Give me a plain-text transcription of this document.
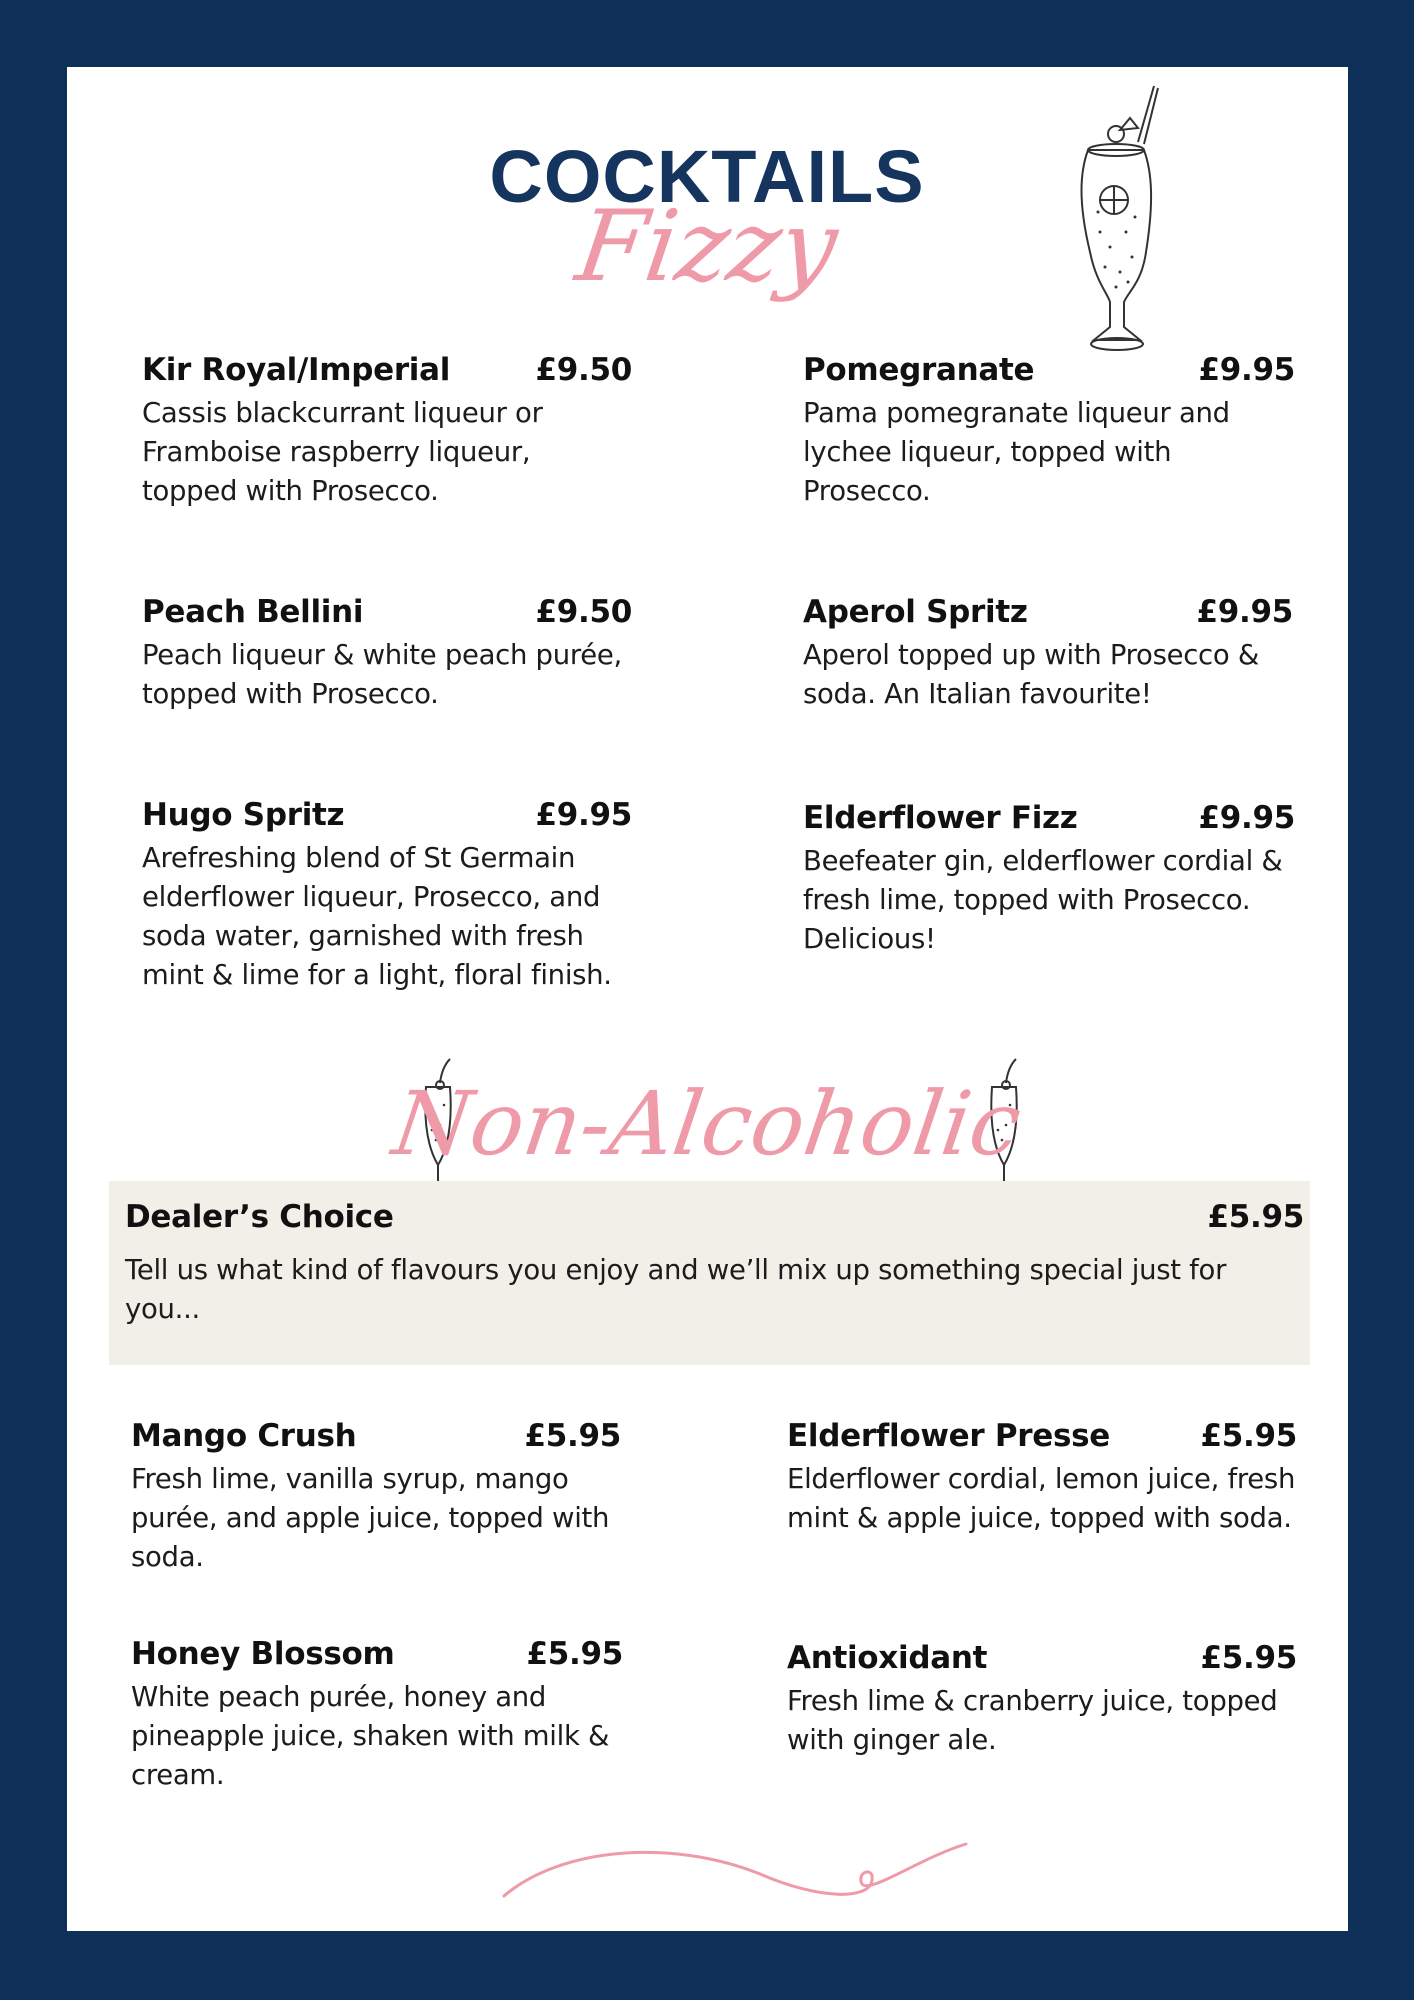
COCKTAILS
Fizzy
Kir Royal/Imperial	£9.50
Cassis blackcurrant liqueur or Framboise raspberry liqueur, topped with Prosecco.
Pomegranate	£9.95
Pama pomegranate liqueur and lychee liqueur, topped with Prosecco.
Peach Bellini	£9.50
Peach liqueur & white peach purée, topped with Prosecco.
Aperol Spritz	£9.95
Aperol topped up with Prosecco & soda. An Italian favourite!
Hugo Spritz	£9.95
Arefreshing blend of St Germain elderflower liqueur, Prosecco, and soda water, garnished with fresh mint & lime for a light, floral finish.
Elderflower Fizz	£9.95
Beefeater gin, elderflower cordial & fresh lime, topped with Prosecco. Delicious!
Dealer’s Choice	£5.95
Tell us what kind of flavours you enjoy and we’ll mix up something special just for you...
Non-Alcoholic
Mango Crush	£5.95
Fresh lime, vanilla syrup, mango purée, and apple juice, topped with soda.
Elderflower Presse	£5.95
Elderflower cordial, lemon juice, fresh mint & apple juice, topped with soda.
Honey Blossom	£5.95
White peach purée, honey and pineapple juice, shaken with milk & cream.
Antioxidant	£5.95
Fresh lime & cranberry juice, topped with ginger ale.
